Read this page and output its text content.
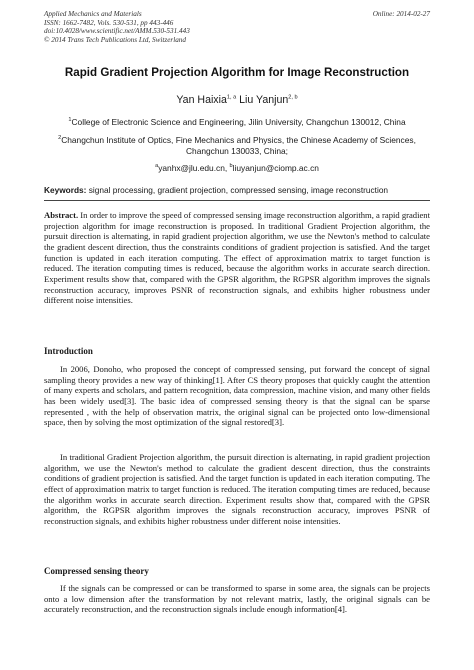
Applied Mechanics and Materials
ISSN: 1662-7482, Vols. 530-531, pp 443-446
doi:10.4028/www.scientific.net/AMM.530-531.443
© 2014 Trans Tech Publications Ltd, Switzerland
Online: 2014-02-27
Rapid Gradient Projection Algorithm for Image Reconstruction
Yan Haixia$^{1, a}$ Liu Yanjun$^{2, b}$
$^1$College of Electronic Science and Engineering, Jilin University, Changchun 130012, China
$^2$Changchun Institute of Optics, Fine Mechanics and Physics, the Chinese Academy of Sciences,
Changchun 130033, China;
$^a$yanhx@jlu.edu.cn, $^b$liuyanjun@ciomp.ac.cn
Keywords: signal processing, gradient projection, compressed sensing, image reconstruction
Abstract. In order to improve the speed of compressed sensing image reconstruction algorithm, a rapid gradient projection algorithm for image reconstruction is proposed. In traditional Gradient Projection algorithm, the pursuit direction is alternating, in rapid gradient projection algorithm, we use the Newton's method to calculate the gradient descent direction, thus the constraints conditions of gradient projection is satisfied. And the target function is updated in each iteration computing. The effect of approximation matrix to target function is reduced. The iteration computing times is reduced, because the algorithm works in accurate search direction. Experiment results show that, compared with the GPSR algorithm, the RGPSR algorithm improves the signals reconstruction accuracy, improves PSNR of reconstruction signals, and exhibits higher robustness under different noise intensities.
Introduction
In 2006, Donoho, who proposed the concept of compressed sensing, put forward the concept of signal sampling theory provides a new way of thinking[1]. After CS theory proposes that quickly caught the attention of many experts and scholars, and pattern recognition, data compression, machine vision, and many other fields has been widely used[3]. The basic idea of compressed sensing theory is that the signal can be sparse represented , with the help of observation matrix, the original signal can be projected onto low-dimensional space, then by solving the most optimization of the signal restored[3].
In traditional Gradient Projection algorithm, the pursuit direction is alternating, in rapid gradient projection algorithm, we use the Newton's method to calculate the gradient descent direction, thus the constraints conditions of gradient projection is satisfied. And the target function is updated in each iteration computing. The effect of approximation matrix to target function is reduced. The iteration computing times are reduced, because the algorithm works in accurate search direction. Experiment results show that, compared with the GPSR algorithm, the RGPSR algorithm improves the signals reconstruction accuracy, improves PSNR of reconstruction signals, and exhibits higher robustness under different noise intensities.
Compressed sensing theory
If the signals can be compressed or can be transformed to sparse in some area, the signals can be projects onto a low dimension after the transformation by not relevant matrix, lastly, the original signals can be accurately reconstruction, and the reconstruction signals include enough information[4].
